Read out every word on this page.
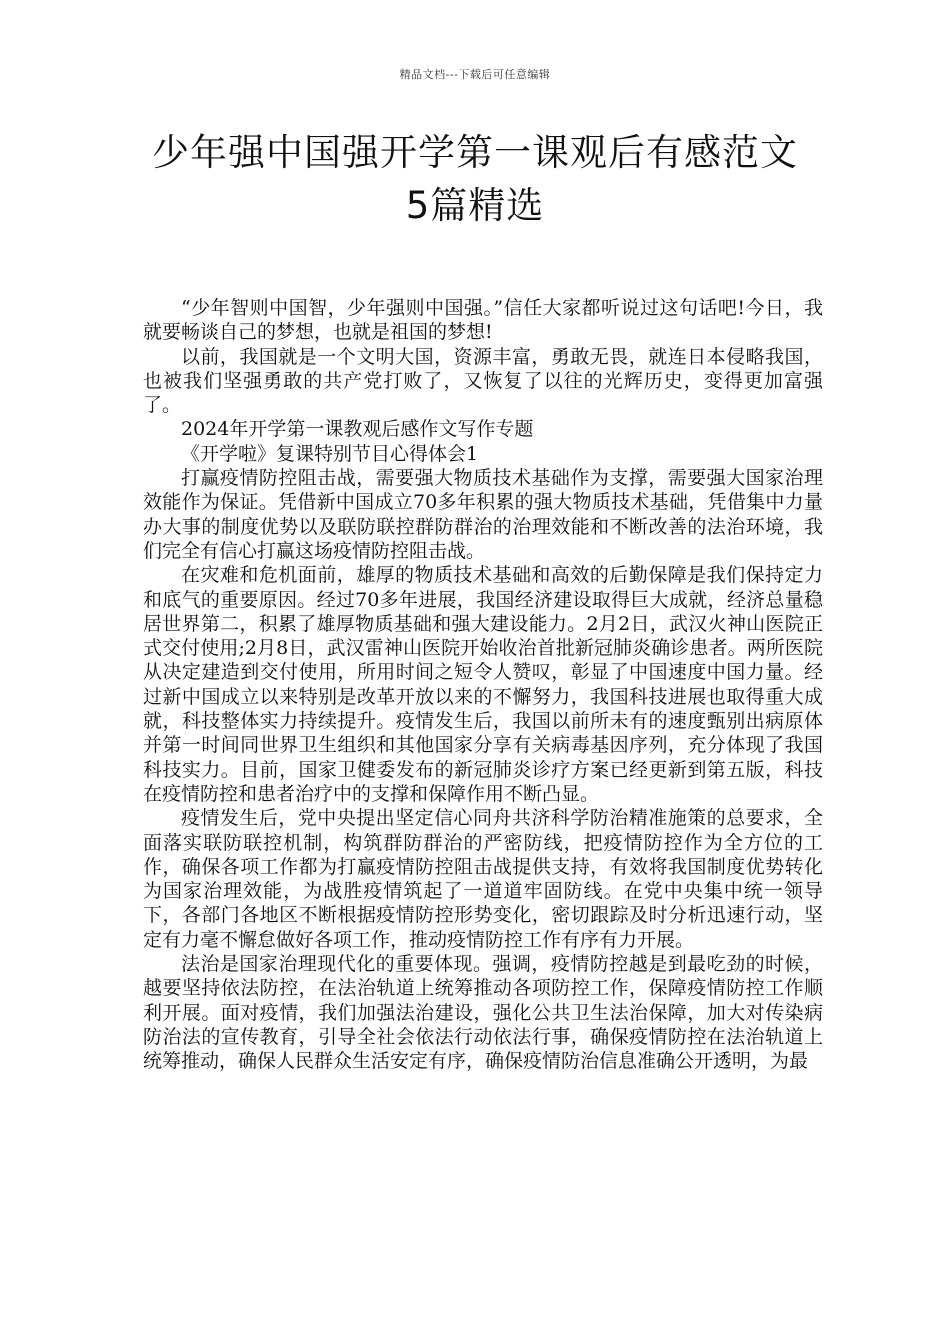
精品文档---下载后可任意编辑
少年强中国强开学第一课观后有感范文
5篇精选

“少年智则中国智，少年强则中国强。”信任大家都听说过这句话吧!今日，我就要畅谈自己的梦想，也就是祖国的梦想!

以前，我国就是一个文明大国，资源丰富，勇敢无畏，就连日本侵略我国，也被我们坚强勇敢的共产党打败了，又恢复了以往的光辉历史，变得更加富强了。

2024年开学第一课教观后感作文写作专题

《开学啦》复课特别节目心得体会1

打赢疫情防控阻击战，需要强大物质技术基础作为支撑，需要强大国家治理效能作为保证。凭借新中国成立70多年积累的强大物质技术基础，凭借集中力量办大事的制度优势以及联防联控群防群治的治理效能和不断改善的法治环境，我们完全有信心打赢这场疫情防控阻击战。

在灾难和危机面前，雄厚的物质技术基础和高效的后勤保障是我们保持定力和底气的重要原因。经过70多年进展，我国经济建设取得巨大成就，经济总量稳居世界第二，积累了雄厚物质基础和强大建设能力。2月2日，武汉火神山医院正式交付使用;2月8日，武汉雷神山医院开始收治首批新冠肺炎确诊患者。两所医院从决定建造到交付使用，所用时间之短令人赞叹，彰显了中国速度中国力量。经过新中国成立以来特别是改革开放以来的不懈努力，我国科技进展也取得重大成就，科技整体实力持续提升。疫情发生后，我国以前所未有的速度甄别出病原体并第一时间同世界卫生组织和其他国家分享有关病毒基因序列，充分体现了我国科技实力。目前，国家卫健委发布的新冠肺炎诊疗方案已经更新到第五版，科技在疫情防控和患者治疗中的支撑和保障作用不断凸显。

疫情发生后，党中央提出坚定信心同舟共济科学防治精准施策的总要求，全面落实联防联控机制，构筑群防群治的严密防线，把疫情防控作为全方位的工作，确保各项工作都为打赢疫情防控阻击战提供支持，有效将我国制度优势转化为国家治理效能，为战胜疫情筑起了一道道牢固防线。在党中央集中统一领导下，各部门各地区不断根据疫情防控形势变化，密切跟踪及时分析迅速行动，坚定有力毫不懈怠做好各项工作，推动疫情防控工作有序有力开展。

法治是国家治理现代化的重要体现。强调，疫情防控越是到最吃劲的时候，越要坚持依法防控，在法治轨道上统筹推动各项防控工作，保障疫情防控工作顺利开展。面对疫情，我们加强法治建设，强化公共卫生法治保障，加大对传染病防治法的宣传教育，引导全社会依法行动依法行事，确保疫情防控在法治轨道上统筹推动，确保人民群众生活安定有序，确保疫情防治信息准确公开透明，为最
